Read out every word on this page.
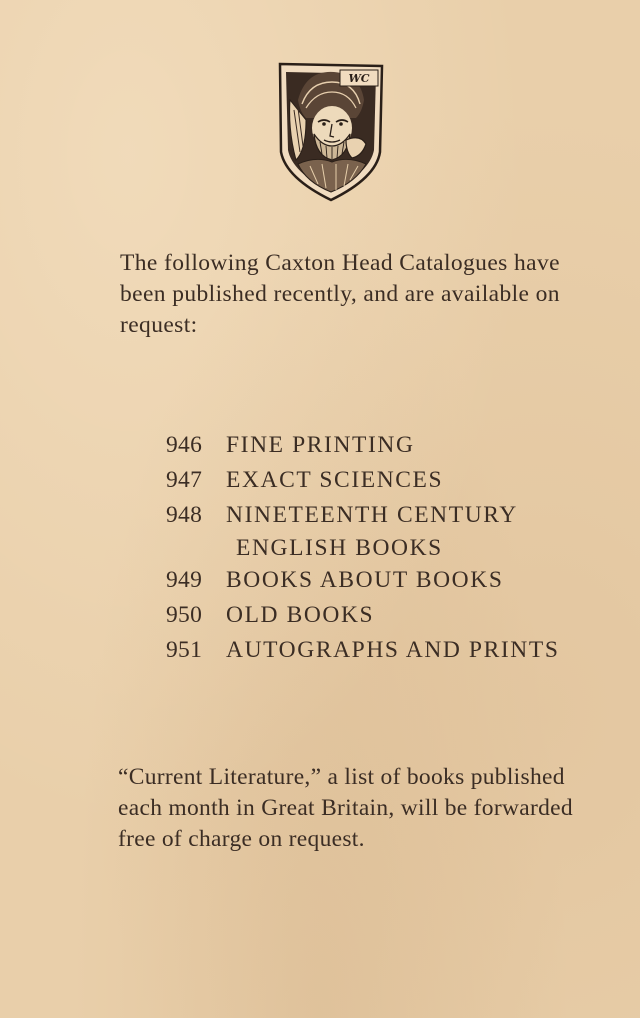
WC
The following Caxton Head Catalogues have
been published recently, and are available on
request:
946	FINE PRINTING
947	EXACT SCIENCES
948	NINETEENTH CENTURY
ENGLISH BOOKS
949	BOOKS ABOUT BOOKS
950	OLD BOOKS
951	AUTOGRAPHS AND PRINTS
“Current Literature,” a list of books published
each month in Great Britain, will be forwarded
free of charge on request.
